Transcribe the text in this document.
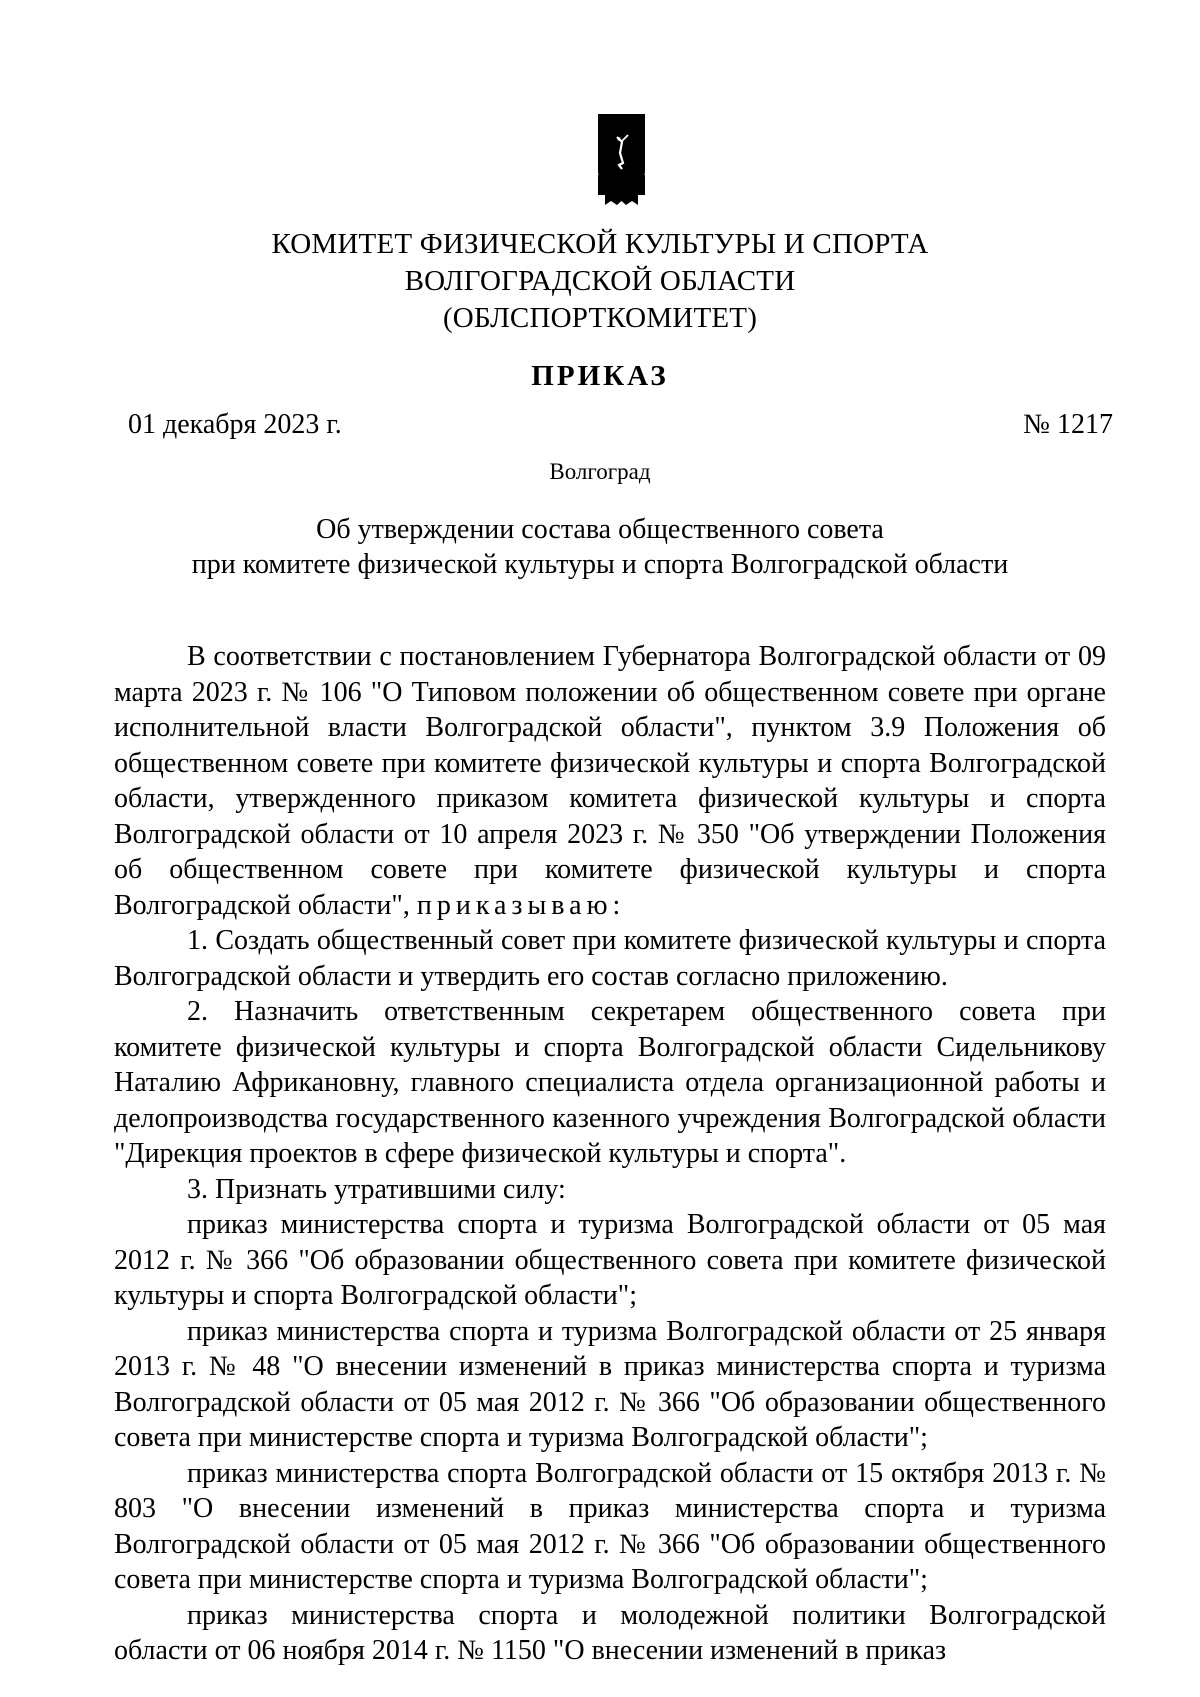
КОМИТЕТ ФИЗИЧЕСКОЙ КУЛЬТУРЫ И СПОРТА
ВОЛГОГРАДСКОЙ ОБЛАСТИ
(ОБЛСПОРТКОМИТЕТ)
ПРИКАЗ
01 декабря 2023 г.	№ 1217
Волгоград
Об утверждении состава общественного совета
при комитете физической культуры и спорта Волгоградской области

В соответствии с постановлением Губернатора Волгоградской области от 09 марта 2023 г. № 106 "О Типовом положении об общественном совете при органе исполнительной власти Волгоградской области", пунктом 3.9 Положения об общественном совете при комитете физической культуры и спорта Волгоградской области, утвержденного приказом комитета физической культуры и спорта Волгоградской области от 10 апреля 2023 г. № 350 "Об утверждении Положения об общественном совете при комитете физической культуры и спорта Волгоградской области", приказываю:

1. Создать общественный совет при комитете физической культуры и спорта Волгоградской области и утвердить его состав согласно приложению.

2. Назначить ответственным секретарем общественного совета при комитете физической культуры и спорта Волгоградской области Сидельникову Наталию Африкановну, главного специалиста отдела организационной работы и делопроизводства государственного казенного учреждения Волгоградской области "Дирекция проектов в сфере физической культуры и спорта".

3. Признать утратившими силу:

приказ министерства спорта и туризма Волгоградской области от 05 мая 2012 г. № 366 "Об образовании общественного совета при комитете физической культуры и спорта Волгоградской области";

приказ министерства спорта и туризма Волгоградской области от 25 января 2013 г. № 48 "О внесении изменений в приказ министерства спорта и туризма Волгоградской области от 05 мая 2012 г. № 366 "Об образовании общественного совета при министерстве спорта и туризма Волгоградской области";

приказ министерства спорта Волгоградской области от 15 октября 2013 г. № 803 "О внесении изменений в приказ министерства спорта и туризма Волгоградской области от 05 мая 2012 г. № 366 "Об образовании общественного совета при министерстве спорта и туризма Волгоградской области";

приказ министерства спорта и молодежной политики Волгоградской области от 06 ноября 2014 г. № 1150 "О внесении изменений в приказ
